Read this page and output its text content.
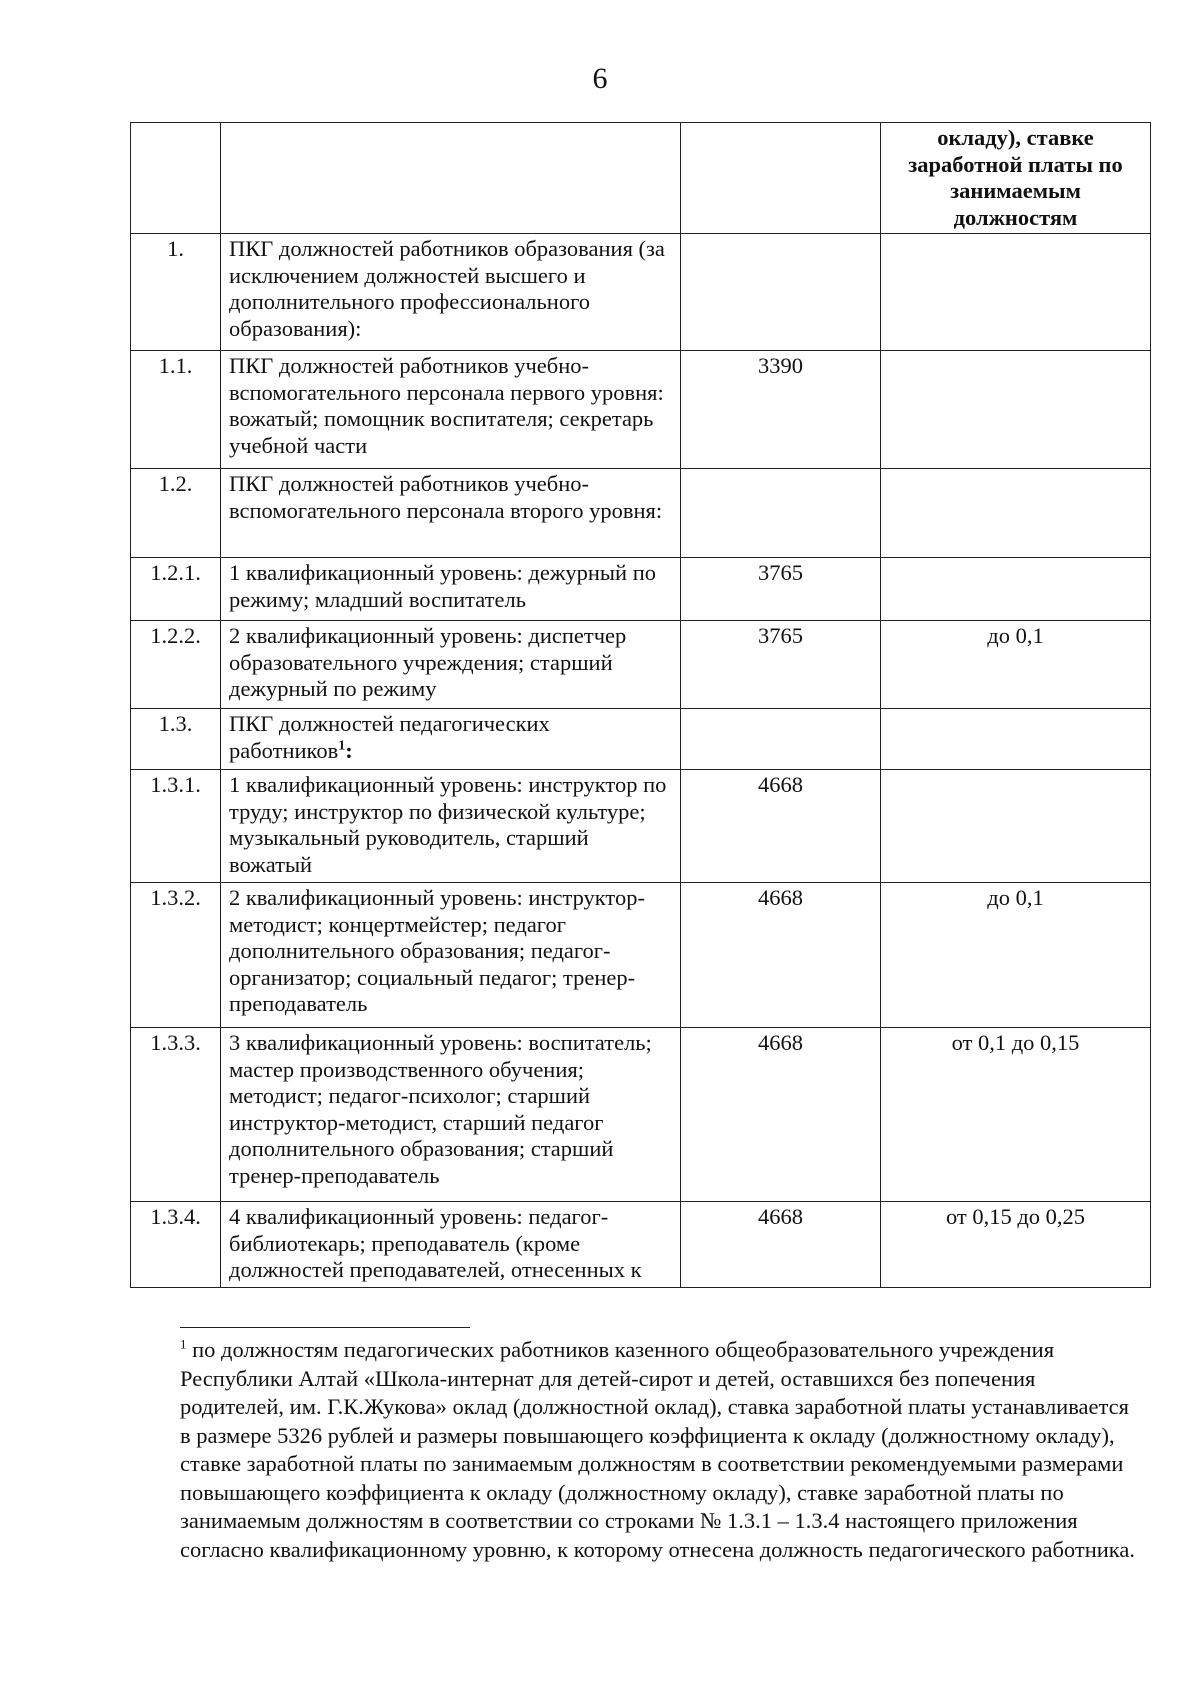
6
			окладу), ставке заработной платы по занимаемым должностям
1.	ПКГ должностей работников образования (за исключением должностей высшего и дополнительного профессионального образования):		
1.1.	ПКГ должностей работников учебно-вспомогательного персонала первого уровня: вожатый; помощник воспитателя; секретарь учебной части	3390	
1.2.	ПКГ должностей работников учебно-вспомогательного персонала второго уровня:		
1.2.1.	1 квалификационный уровень: дежурный по режиму; младший воспитатель	3765	
1.2.2.	2 квалификационный уровень: диспетчер образовательного учреждения; старший дежурный по режиму	3765	до 0,1
1.3.	ПКГ должностей педагогических работников$^1$:		
1.3.1.	1 квалификационный уровень: инструктор по труду; инструктор по физической культуре; музыкальный руководитель, старший вожатый	4668	
1.3.2.	2 квалификационный уровень: инструктор-методист; концертмейстер; педагог дополнительного образования; педагог-организатор; социальный педагог; тренер-преподаватель	4668	до 0,1
1.3.3.	3 квалификационный уровень: воспитатель; мастер производственного обучения; методист; педагог-психолог; старший инструктор-методист, старший педагог дополнительного образования; старший тренер-преподаватель	4668	от 0,1 до 0,15
1.3.4.	4 квалификационный уровень: педагог-библиотекарь; преподаватель (кроме должностей преподавателей, отнесенных к	4668	от 0,15 до 0,25
$^1$ по должностям педагогических работников казенного общеобразовательного учреждения Республики Алтай «Школа-интернат для детей-сирот и детей, оставшихся без попечения родителей, им. Г.К.Жукова» оклад (должностной оклад), ставка заработной платы устанавливается в размере 5326 рублей и размеры повышающего коэффициента к окладу (должностному окладу), ставке заработной платы по занимаемым должностям в соответствии рекомендуемыми размерами повышающего коэффициента к окладу (должностному окладу), ставке заработной платы по занимаемым должностям в соответствии со строками № 1.3.1 – 1.3.4 настоящего приложения согласно квалификационному уровню, к которому отнесена должность педагогического работника.
